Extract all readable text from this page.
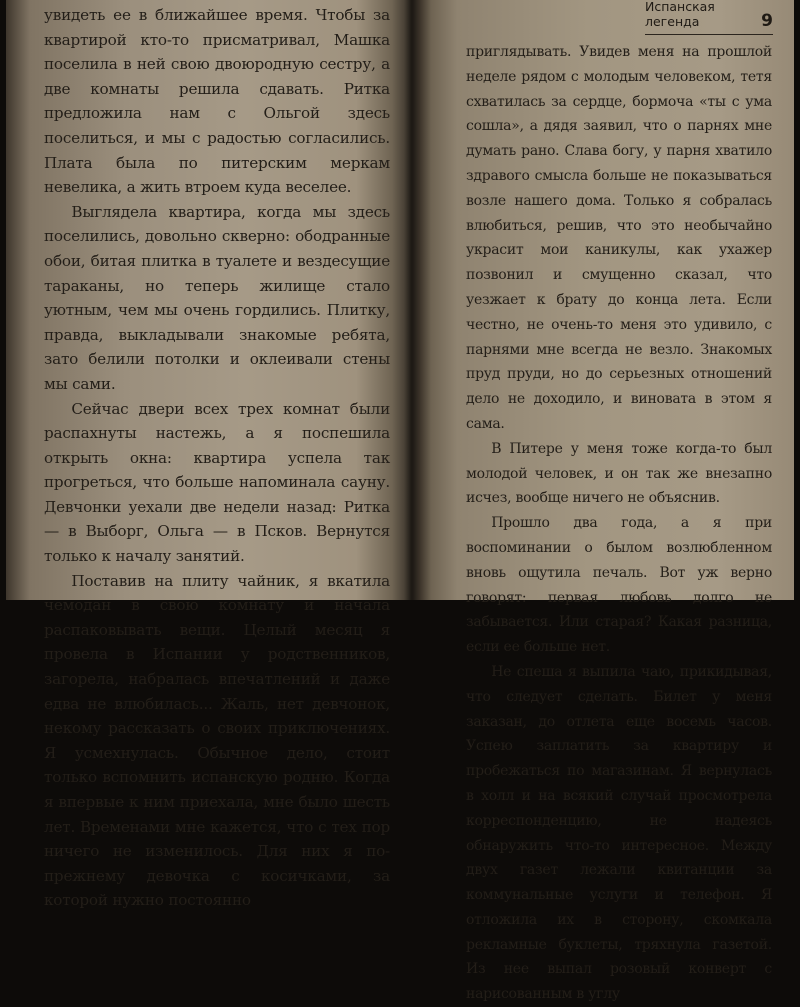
увидеть ее в ближайшее время. Чтобы за квартирой кто-то присматривал, Машка поселила в ней свою двоюродную сестру, а две комнаты решила сдавать. Ритка предложила нам с Ольгой здесь поселиться, и мы с радостью согласились. Плата была по питерским меркам невелика, а жить втроем куда веселее.

Выглядела квартира, когда мы здесь поселились, довольно скверно: ободранные обои, битая плитка в туалете и вездесущие тараканы, но теперь жилище стало уютным, чем мы очень гордились. Плитку, правда, выкладывали знакомые ребята, зато белили потолки и оклеивали стены мы сами.

Сейчас двери всех трех комнат были распахнуты настежь, а я поспешила открыть окна: квартира успела так прогреться, что больше напоминала сауну. Девчонки уехали две недели назад: Ритка — в Выборг, Ольга — в Псков. Вернутся только к началу занятий.

Поставив на плиту чайник, я вкатила чемодан в свою комнату и начала распаковывать вещи. Целый месяц я провела в Испании у родственников, загорела, набралась впечатлений и даже едва не влюбилась... Жаль, нет девчонок, некому рассказать о своих приключениях. Я усмехнулась. Обычное дело, стоит только вспомнить испанскую родню. Когда я впервые к ним приехала, мне было шесть лет. Временами мне кажется, что с тех пор ничего не изменилось. Для них я по-прежнему девочка с косичками, за которой нужно постоянно

Испанская легенда	9

приглядывать. Увидев меня на прошлой неделе рядом с молодым человеком, тетя схватилась за сердце, бормоча «ты с ума сошла», а дядя заявил, что о парнях мне думать рано. Слава богу, у парня хватило здравого смысла больше не показываться возле нашего дома. Только я собралась влюбиться, решив, что это необычайно украсит мои каникулы, как ухажер позвонил и смущенно сказал, что уезжает к брату до конца лета. Если честно, не очень-то меня это удивило, с парнями мне всегда не везло. Знакомых пруд пруди, но до серьезных отношений дело не доходило, и виновата в этом я сама.

В Питере у меня тоже когда-то был молодой человек, и он так же внезапно исчез, вообще ничего не объяснив.

Прошло два года, а я при воспоминании о былом возлюбленном вновь ощутила печаль. Вот уж верно говорят: первая любовь долго не забывается. Или старая? Какая разница, если ее больше нет.

Не спеша я выпила чаю, прикидывая, что следует сделать. Билет у меня заказан, до отлета еще восемь часов. Успею заплатить за квартиру и пробежаться по магазинам. Я вернулась в холл и на всякий случай просмотрела корреспонденцию, не надеясь обнаружить что-то интересное. Между двух газет лежали квитанции за коммунальные услуги и телефон. Я отложила их в сторону, скомкала рекламные буклеты, тряхнула газетой. Из нее выпал розовый конверт с нарисованным в углу
